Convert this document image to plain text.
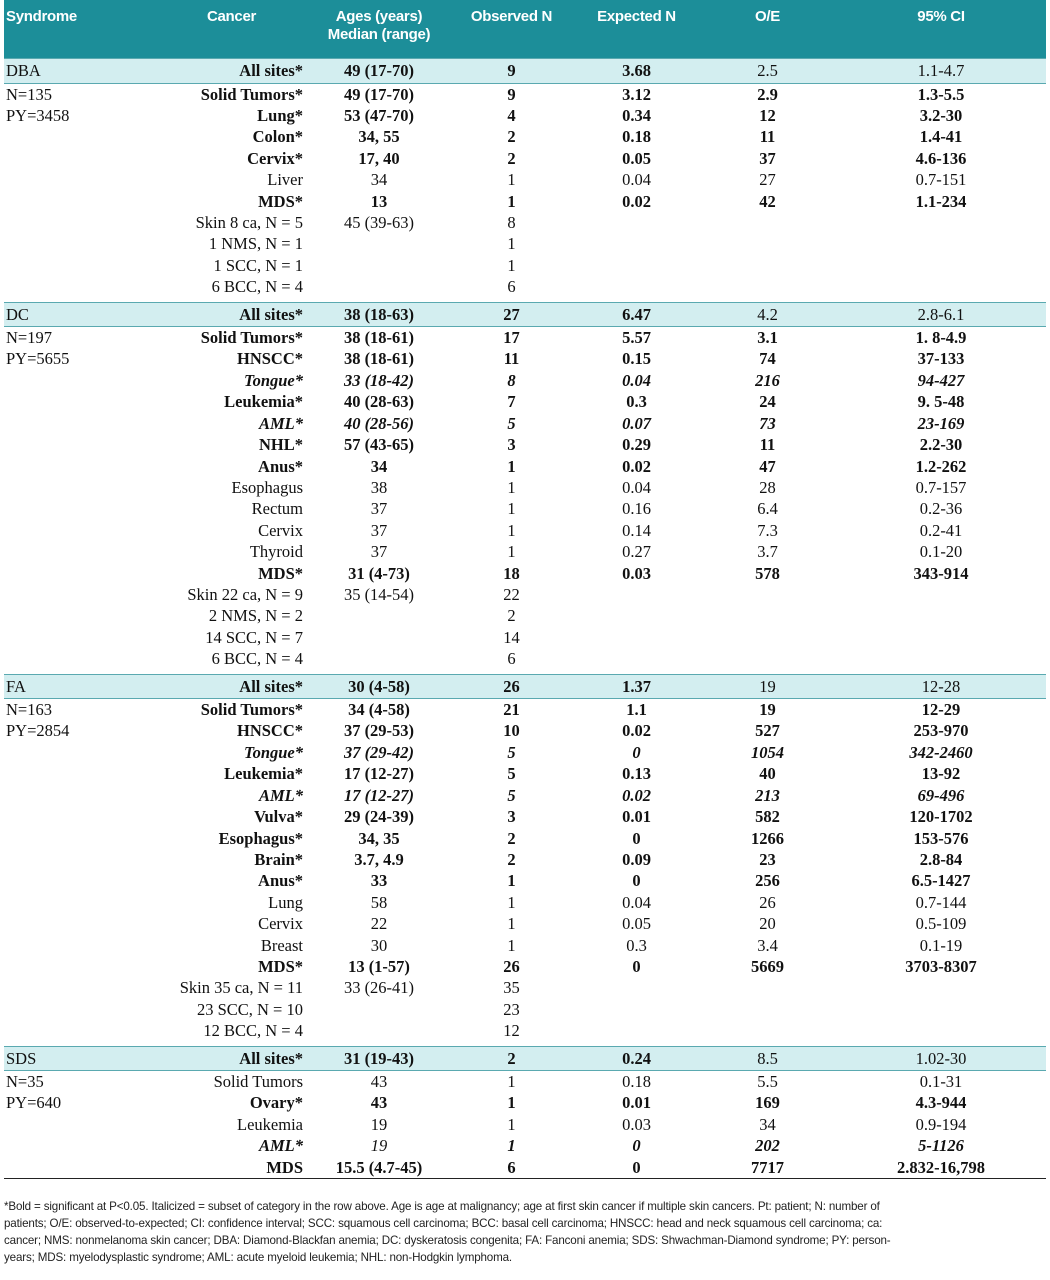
Syndrome	Cancer	Ages (years)
Median (range)	Observed N	Expected N	O/E	95% CI
DBA	All sites*	49 (17-70)	9	3.68	2.5	1.1-4.7
N=135	Solid Tumors*	49 (17-70)	9	3.12	2.9	1.3-5.5
PY=3458	Lung*	53 (47-70)	4	0.34	12	3.2-30
	Colon*	34, 55	2	0.18	11	1.4-41
	Cervix*	17, 40	2	0.05	37	4.6-136
	Liver	34	1	0.04	27	0.7-151
	MDS*	13	1	0.02	42	1.1-234
	Skin 8 ca, N = 5	45 (39-63)	8			
	1 NMS, N = 1		1			
	1 SCC, N = 1		1			
	6 BCC, N = 4		6			

DC	All sites*	38 (18-63)	27	6.47	4.2	2.8-6.1
N=197	Solid Tumors*	38 (18-61)	17	5.57	3.1	1. 8-4.9
PY=5655	HNSCC*	38 (18-61)	11	0.15	74	37-133
	Tongue*	33 (18-42)	8	0.04	216	94-427
	Leukemia*	40 (28-63)	7	0.3	24	9. 5-48
	AML*	40 (28-56)	5	0.07	73	23-169
	NHL*	57 (43-65)	3	0.29	11	2.2-30
	Anus*	34	1	0.02	47	1.2-262
	Esophagus	38	1	0.04	28	0.7-157
	Rectum	37	1	0.16	6.4	0.2-36
	Cervix	37	1	0.14	7.3	0.2-41
	Thyroid	37	1	0.27	3.7	0.1-20
	MDS*	31 (4-73)	18	0.03	578	343-914
	Skin 22 ca, N = 9	35 (14-54)	22			
	2 NMS, N = 2		2			
	14 SCC, N = 7		14			
	6 BCC, N = 4		6			

FA	All sites*	30 (4-58)	26	1.37	19	12-28
N=163	Solid Tumors*	34 (4-58)	21	1.1	19	12-29
PY=2854	HNSCC*	37 (29-53)	10	0.02	527	253-970
	Tongue*	37 (29-42)	5	0	1054	342-2460
	Leukemia*	17 (12-27)	5	0.13	40	13-92
	AML*	17 (12-27)	5	0.02	213	69-496
	Vulva*	29 (24-39)	3	0.01	582	120-1702
	Esophagus*	34, 35	2	0	1266	153-576
	Brain*	3.7, 4.9	2	0.09	23	2.8-84
	Anus*	33	1	0	256	6.5-1427
	Lung	58	1	0.04	26	0.7-144
	Cervix	22	1	0.05	20	0.5-109
	Breast	30	1	0.3	3.4	0.1-19
	MDS*	13 (1-57)	26	0	5669	3703-8307
	Skin 35 ca, N = 11	33 (26-41)	35			
	23 SCC, N = 10		23			
	12 BCC, N = 4		12			

SDS	All sites*	31 (19-43)	2	0.24	8.5	1.02-30
N=35	Solid Tumors	43	1	0.18	5.5	0.1-31
PY=640	Ovary*	43	1	0.01	169	4.3-944
	Leukemia	19	1	0.03	34	0.9-194
	AML*	19	1	0	202	5-1126
	MDS	15.5 (4.7-45)	6	0	7717	2.832-16,798

*Bold = significant at P<0.05. Italicized = subset of category in the row above. Age is age at malignancy; age at first skin cancer if multiple skin cancers. Pt: patient; N: number of

patients; O/E: observed-to-expected; CI: confidence interval; SCC: squamous cell carcinoma; BCC: basal cell carcinoma; HNSCC: head and neck squamous cell carcinoma; ca:

cancer; NMS: nonmelanoma skin cancer; DBA: Diamond-Blackfan anemia; DC: dyskeratosis congenita; FA: Fanconi anemia; SDS: Shwachman-Diamond syndrome; PY: person-

years; MDS: myelodysplastic syndrome; AML: acute myeloid leukemia; NHL: non-Hodgkin lymphoma.
